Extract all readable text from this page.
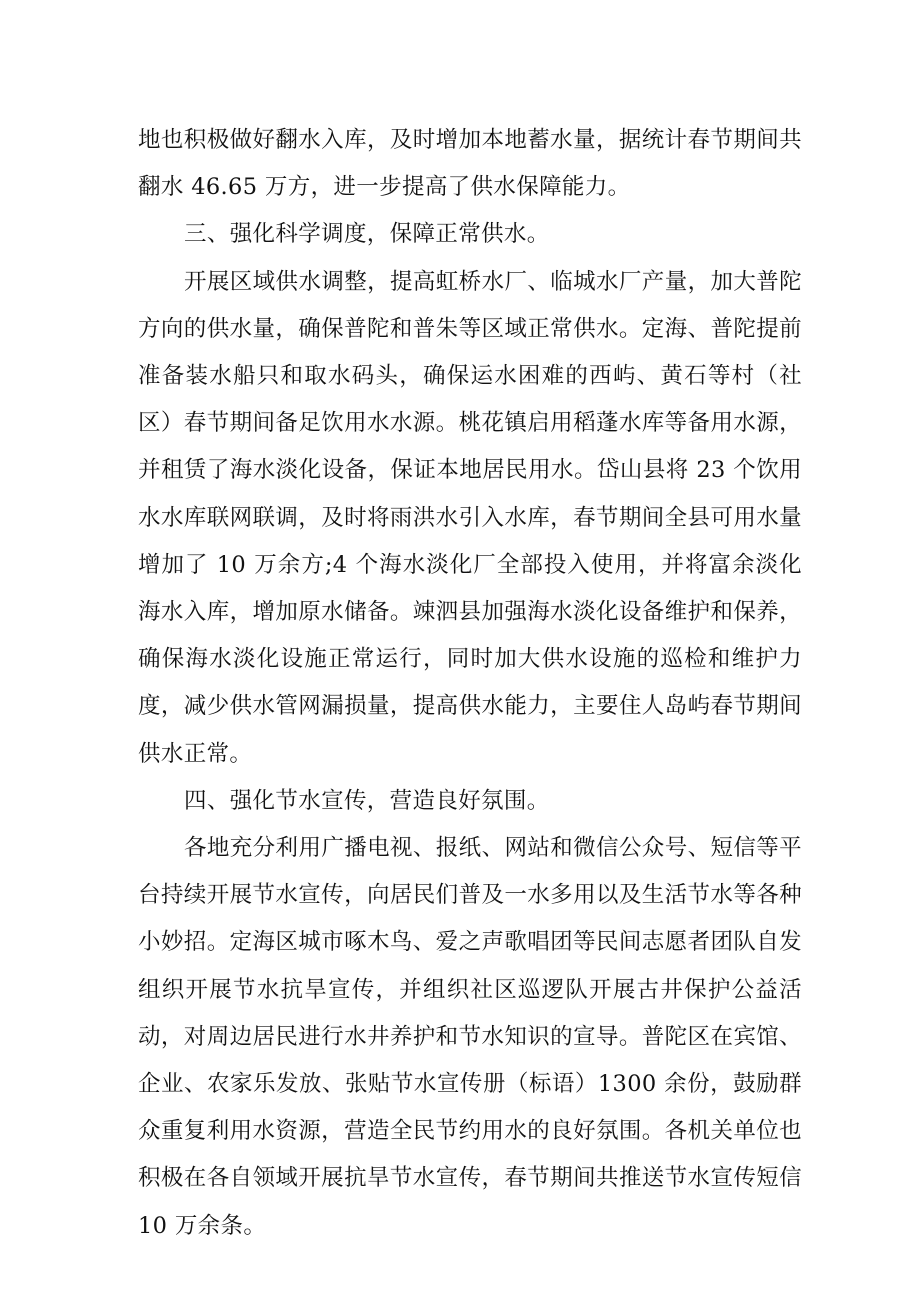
地也积极做好翻水入库，及时增加本地蓄水量，据统计春节期间共翻水 46.65 万方，进一步提高了供水保障能力。

三、强化科学调度，保障正常供水。

开展区域供水调整，提高虹桥水厂、临城水厂产量，加大普陀方向的供水量，确保普陀和普朱等区域正常供水。定海、普陀提前准备装水船只和取水码头，确保运水困难的西屿、黄石等村（社区）春节期间备足饮用水水源。桃花镇启用稻蓬水库等备用水源，并租赁了海水淡化设备，保证本地居民用水。岱山县将 23 个饮用水水库联网联调，及时将雨洪水引入水库，春节期间全县可用水量增加了 10 万余方;4 个海水淡化厂全部投入使用，并将富余淡化海水入库，增加原水储备。竦泗县加强海水淡化设备维护和保养，确保海水淡化设施正常运行，同时加大供水设施的巡检和维护力度，减少供水管网漏损量，提高供水能力，主要住人岛屿春节期间供水正常。

四、强化节水宣传，营造良好氛围。

各地充分利用广播电视、报纸、网站和微信公众号、短信等平台持续开展节水宣传，向居民们普及一水多用以及生活节水等各种小妙招。定海区城市啄木鸟、爱之声歌唱团等民间志愿者团队自发组织开展节水抗旱宣传，并组织社区巡逻队开展古井保护公益活动，对周边居民进行水井养护和节水知识的宣导。普陀区在宾馆、企业、农家乐发放、张贴节水宣传册（标语）1300 余份，鼓励群众重复利用水资源，营造全民节约用水的良好氛围。各机关单位也积极在各自领域开展抗旱节水宣传，春节期间共推送节水宣传短信 10 万余条。
